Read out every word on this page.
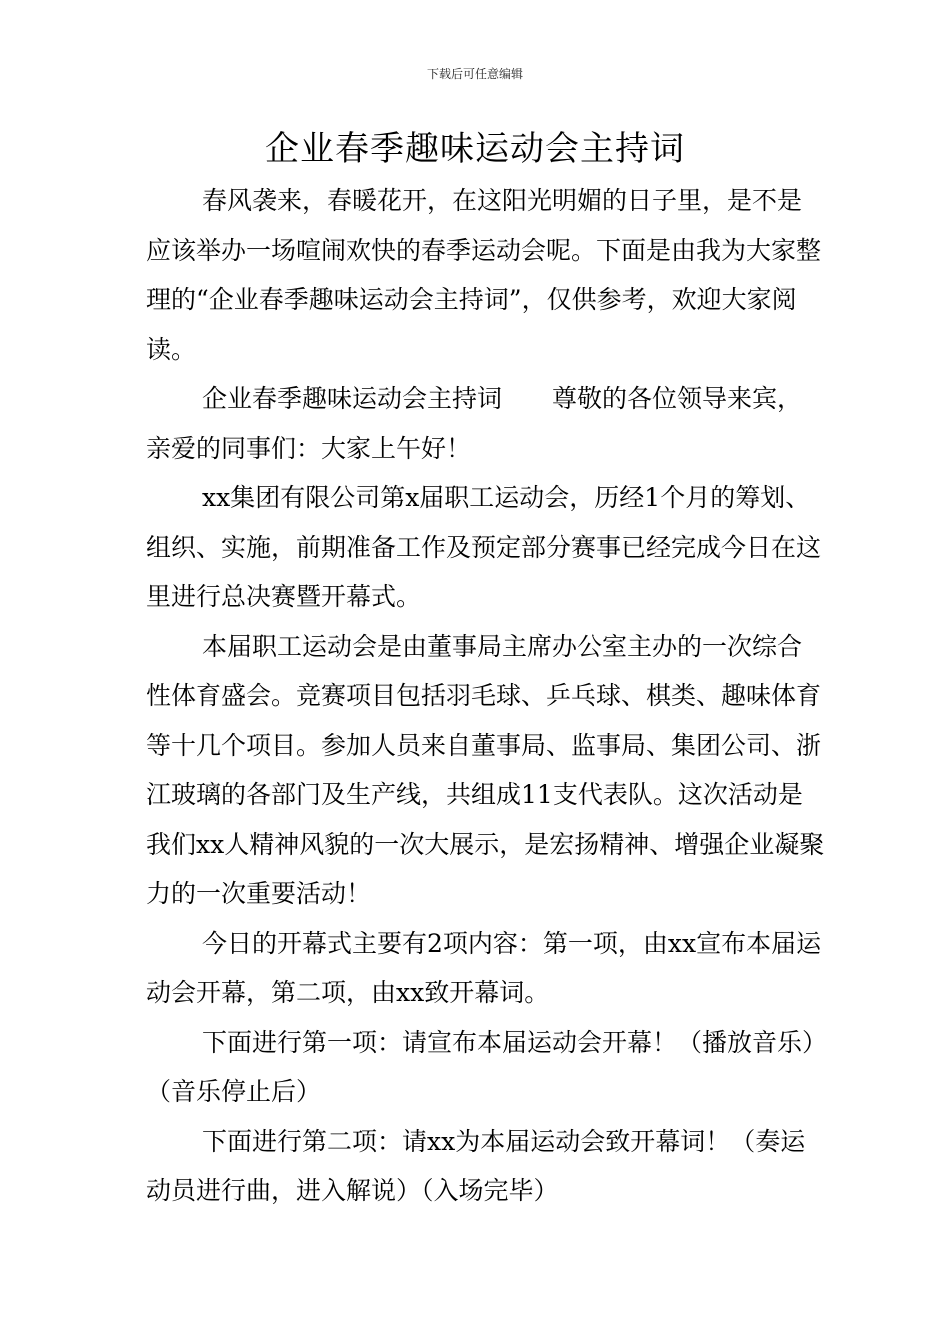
下载后可任意编辑
企业春季趣味运动会主持词

春风袭来，春暖花开，在这阳光明媚的日子里，是不是应该举办一场喧闹欢快的春季运动会呢。下面是由我为大家整理的“企业春季趣味运动会主持词”，仅供参考，欢迎大家阅读。

企业春季趣味运动会主持词　　尊敬的各位领导来宾，亲爱的同事们：大家上午好！

xx集团有限公司第x届职工运动会，历经1个月的筹划、组织、实施，前期准备工作及预定部分赛事已经完成今日在这里进行总决赛暨开幕式。

本届职工运动会是由董事局主席办公室主办的一次综合性体育盛会。竞赛项目包括羽毛球、乒乓球、棋类、趣味体育等十几个项目。参加人员来自董事局、监事局、集团公司、浙江玻璃的各部门及生产线，共组成11支代表队。这次活动是我们xx人精神风貌的一次大展示，是宏扬精神、增强企业凝聚力的一次重要活动！

今日的开幕式主要有2项内容：第一项，由xx宣布本届运动会开幕，第二项，由xx致开幕词。

下面进行第一项：请宣布本届运动会开幕！（播放音乐）（音乐停止后）

下面进行第二项：请xx为本届运动会致开幕词！（奏运动员进行曲，进入解说）（入场完毕）
